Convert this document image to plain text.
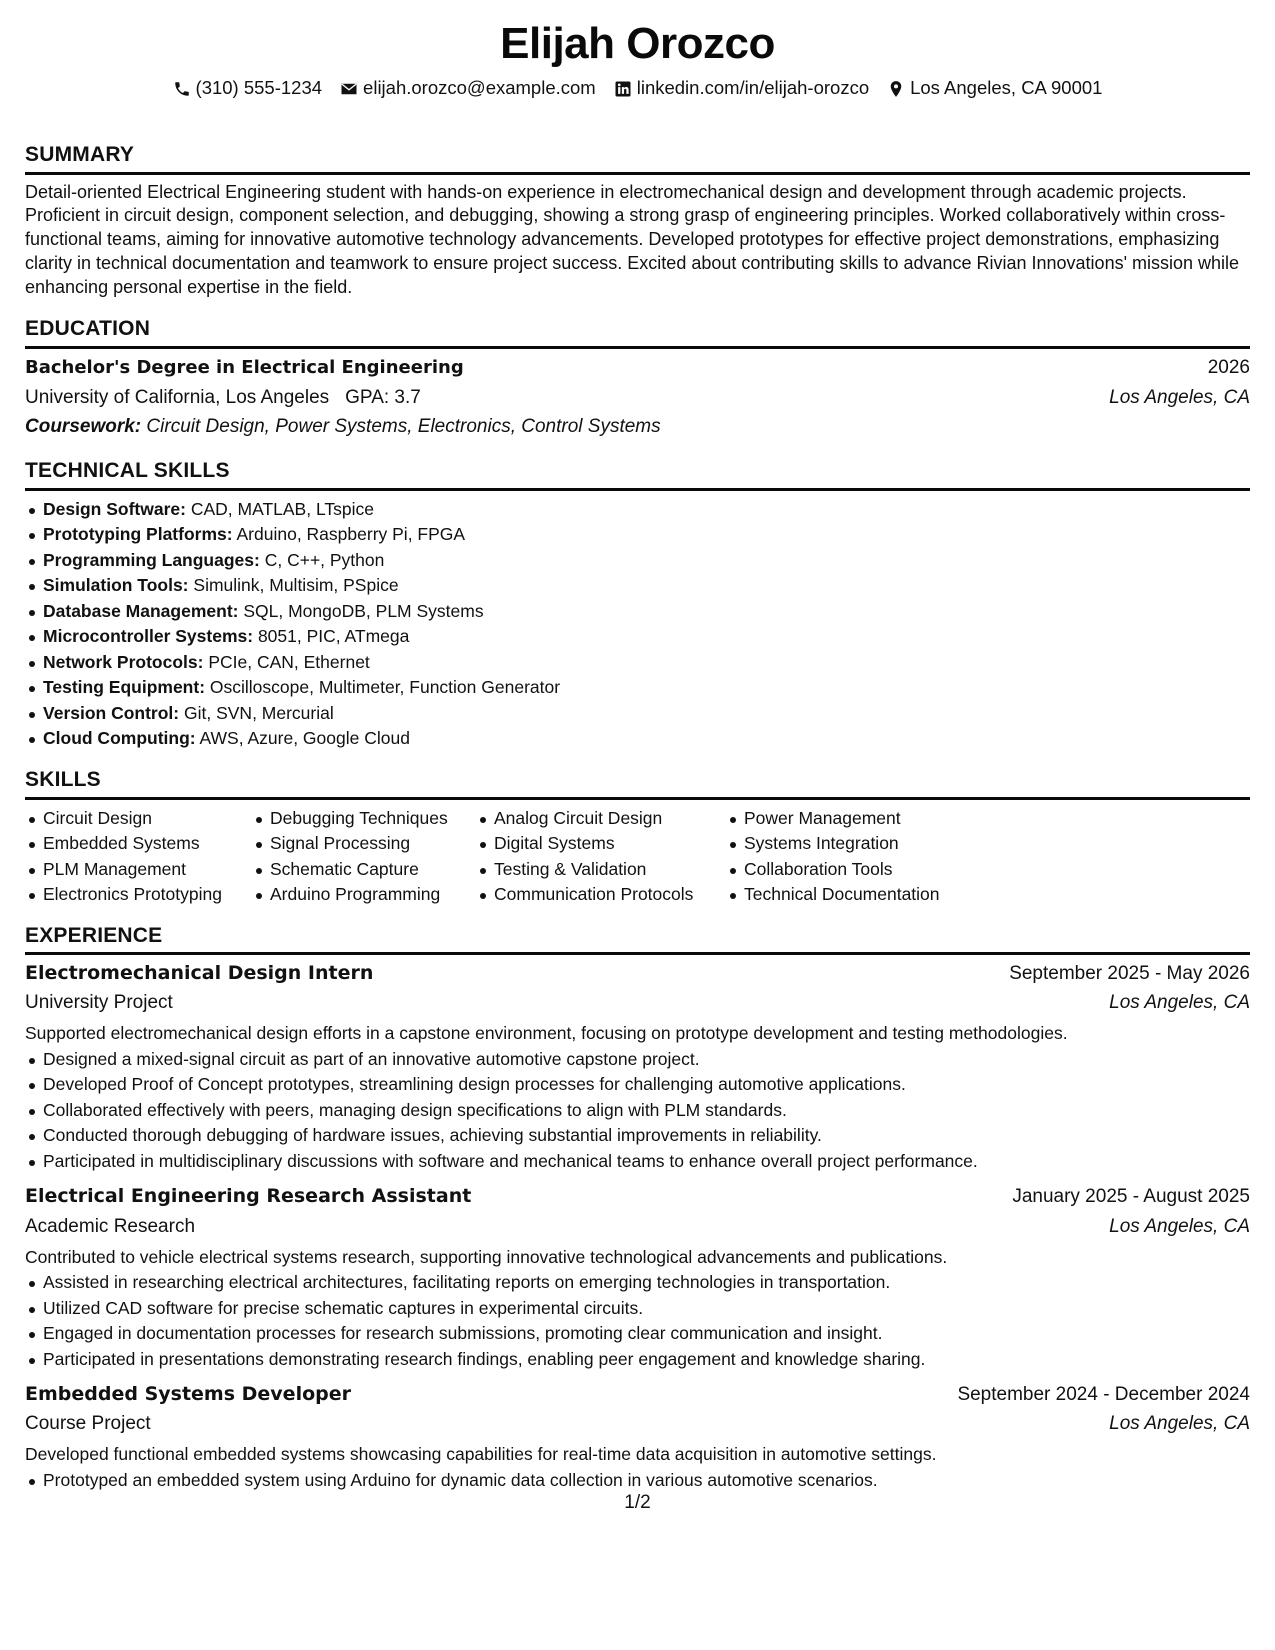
Elijah Orozco
(310) 555-1234 elijah.orozco@example.com linkedin.com/in/elijah-orozco Los Angeles, CA 90001
SUMMARY
Detail-oriented Electrical Engineering student with hands-on experience in electromechanical design and development through academic projects. Proficient in circuit design, component selection, and debugging, showing a strong grasp of engineering principles. Worked collaboratively within cross-functional teams, aiming for innovative automotive technology advancements. Developed prototypes for effective project demonstrations, emphasizing clarity in technical documentation and teamwork to ensure project success. Excited about contributing skills to advance Rivian Innovations' mission while enhancing personal expertise in the field.
EDUCATION
Bachelor's Degree in Electrical Engineering	2026
University of California, Los Angeles GPA: 3.7	Los Angeles, CA
Coursework: Circuit Design, Power Systems, Electronics, Control Systems
TECHNICAL SKILLS
Design Software: CAD, MATLAB, LTspice
Prototyping Platforms: Arduino, Raspberry Pi, FPGA
Programming Languages: C, C++, Python
Simulation Tools: Simulink, Multisim, PSpice
Database Management: SQL, MongoDB, PLM Systems
Microcontroller Systems: 8051, PIC, ATmega
Network Protocols: PCIe, CAN, Ethernet
Testing Equipment: Oscilloscope, Multimeter, Function Generator
Version Control: Git, SVN, Mercurial
Cloud Computing: AWS, Azure, Google Cloud
SKILLS
Circuit Design
Embedded Systems
PLM Management
Electronics Prototyping
Debugging Techniques
Signal Processing
Schematic Capture
Arduino Programming
Analog Circuit Design
Digital Systems
Testing & Validation
Communication Protocols
Power Management
Systems Integration
Collaboration Tools
Technical Documentation
EXPERIENCE
Electromechanical Design Intern	September 2025 - May 2026
University Project	Los Angeles, CA
Supported electromechanical design efforts in a capstone environment, focusing on prototype development and testing methodologies.
Designed a mixed-signal circuit as part of an innovative automotive capstone project.
Developed Proof of Concept prototypes, streamlining design processes for challenging automotive applications.
Collaborated effectively with peers, managing design specifications to align with PLM standards.
Conducted thorough debugging of hardware issues, achieving substantial improvements in reliability.
Participated in multidisciplinary discussions with software and mechanical teams to enhance overall project performance.
Electrical Engineering Research Assistant	January 2025 - August 2025
Academic Research	Los Angeles, CA
Contributed to vehicle electrical systems research, supporting innovative technological advancements and publications.
Assisted in researching electrical architectures, facilitating reports on emerging technologies in transportation.
Utilized CAD software for precise schematic captures in experimental circuits.
Engaged in documentation processes for research submissions, promoting clear communication and insight.
Participated in presentations demonstrating research findings, enabling peer engagement and knowledge sharing.
Embedded Systems Developer	September 2024 - December 2024
Course Project	Los Angeles, CA
Developed functional embedded systems showcasing capabilities for real-time data acquisition in automotive settings.
Prototyped an embedded system using Arduino for dynamic data collection in various automotive scenarios.
1/2
